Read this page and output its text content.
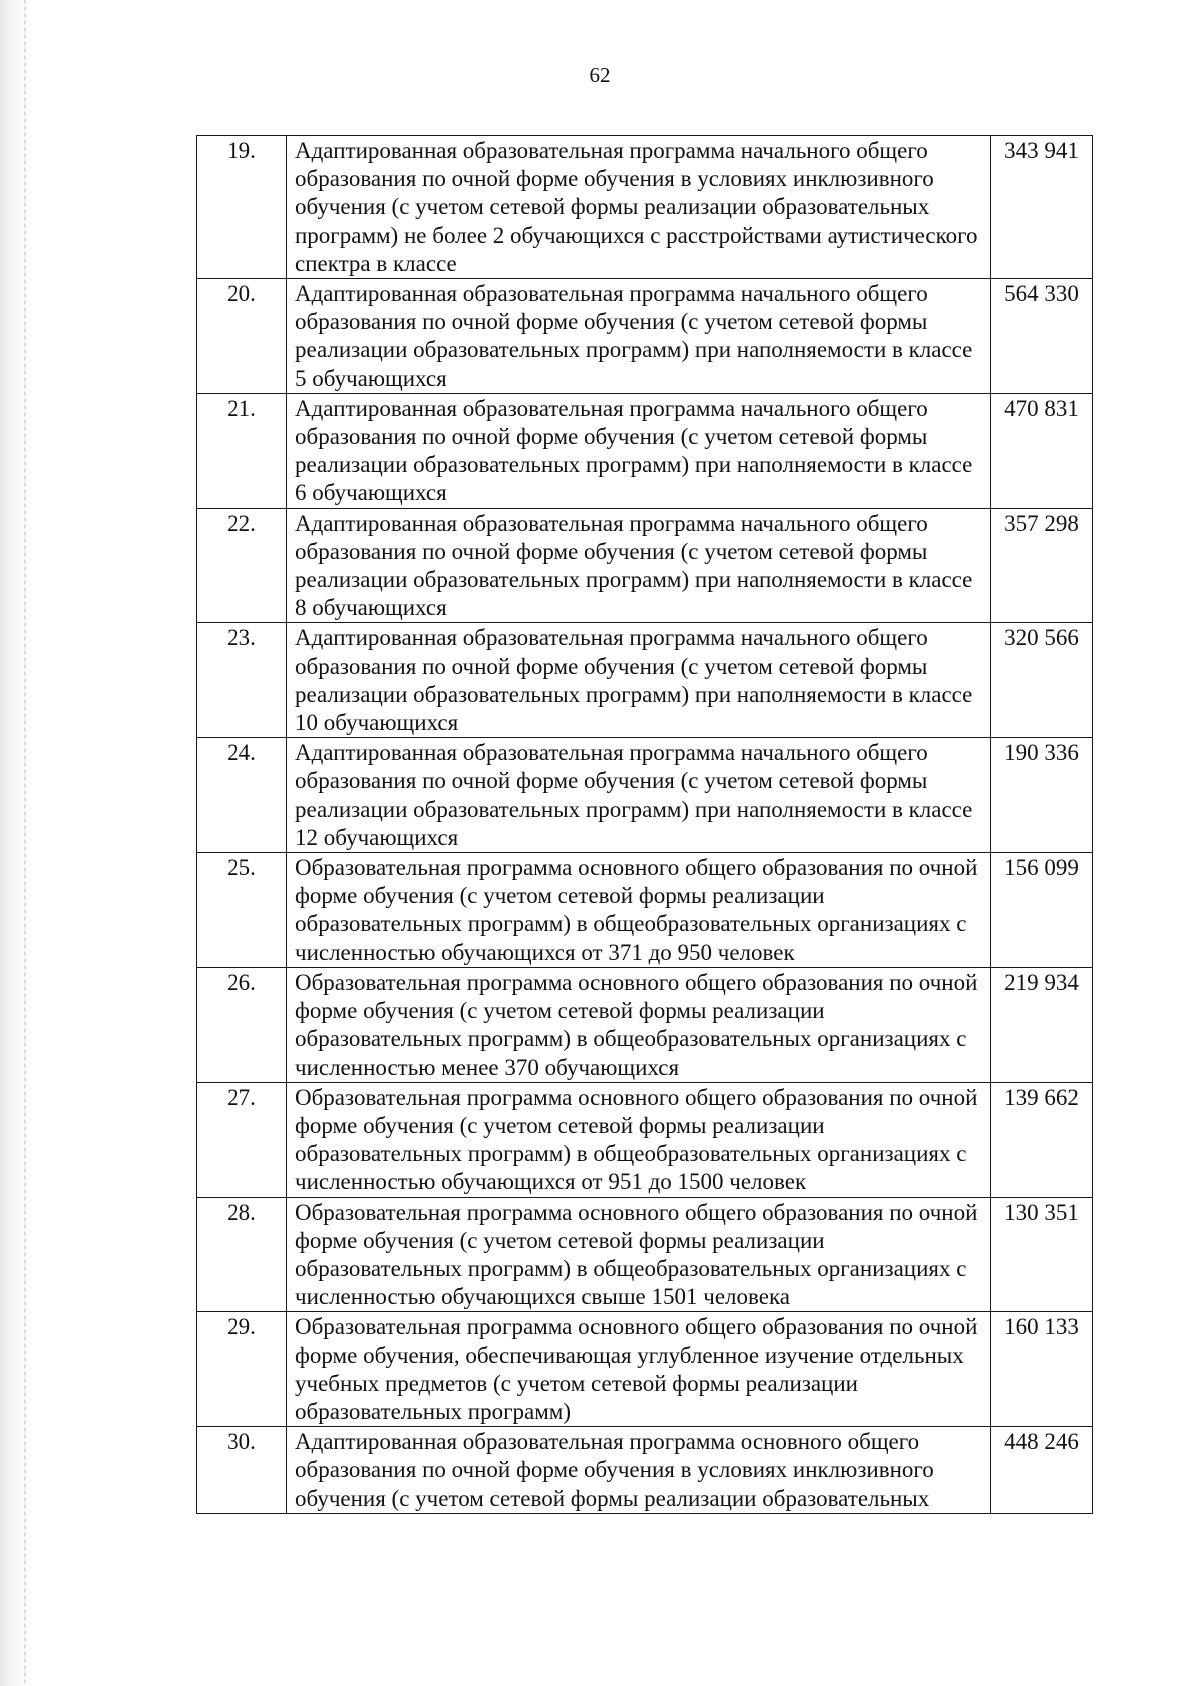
62
19.	Адаптированная образовательная программа начального общего образования по очной форме обучения в условиях инклюзивного обучения (с учетом сетевой формы реализации образовательных программ) не более 2 обучающихся с расстройствами аутистического спектра в классе	343 941
20.	Адаптированная образовательная программа начального общего образования по очной форме обучения (с учетом сетевой формы реализации образовательных программ) при наполняемости в классе 5 обучающихся	564 330
21.	Адаптированная образовательная программа начального общего образования по очной форме обучения (с учетом сетевой формы реализации образовательных программ) при наполняемости в классе 6 обучающихся	470 831
22.	Адаптированная образовательная программа начального общего образования по очной форме обучения (с учетом сетевой формы реализации образовательных программ) при наполняемости в классе 8 обучающихся	357 298
23.	Адаптированная образовательная программа начального общего образования по очной форме обучения (с учетом сетевой формы реализации образовательных программ) при наполняемости в классе 10 обучающихся	320 566
24.	Адаптированная образовательная программа начального общего образования по очной форме обучения (с учетом сетевой формы реализации образовательных программ) при наполняемости в классе 12 обучающихся	190 336
25.	Образовательная программа основного общего образования по очной форме обучения (с учетом сетевой формы реализации образовательных программ) в общеобразовательных организациях с численностью обучающихся от 371 до 950 человек	156 099
26.	Образовательная программа основного общего образования по очной форме обучения (с учетом сетевой формы реализации образовательных программ) в общеобразовательных организациях с численностью менее 370 обучающихся	219 934
27.	Образовательная программа основного общего образования по очной форме обучения (с учетом сетевой формы реализации образовательных программ) в общеобразовательных организациях с численностью обучающихся от 951 до 1500 человек	139 662
28.	Образовательная программа основного общего образования по очной форме обучения (с учетом сетевой формы реализации образовательных программ) в общеобразовательных организациях с численностью обучающихся свыше 1501 человека	130 351
29.	Образовательная программа основного общего образования по очной форме обучения, обеспечивающая углубленное изучение отдельных учебных предметов (с учетом сетевой формы реализации образовательных программ)	160 133
30.	Адаптированная образовательная программа основного общего образования по очной форме обучения в условиях инклюзивного обучения (с учетом сетевой формы реализации образовательных	448 246
